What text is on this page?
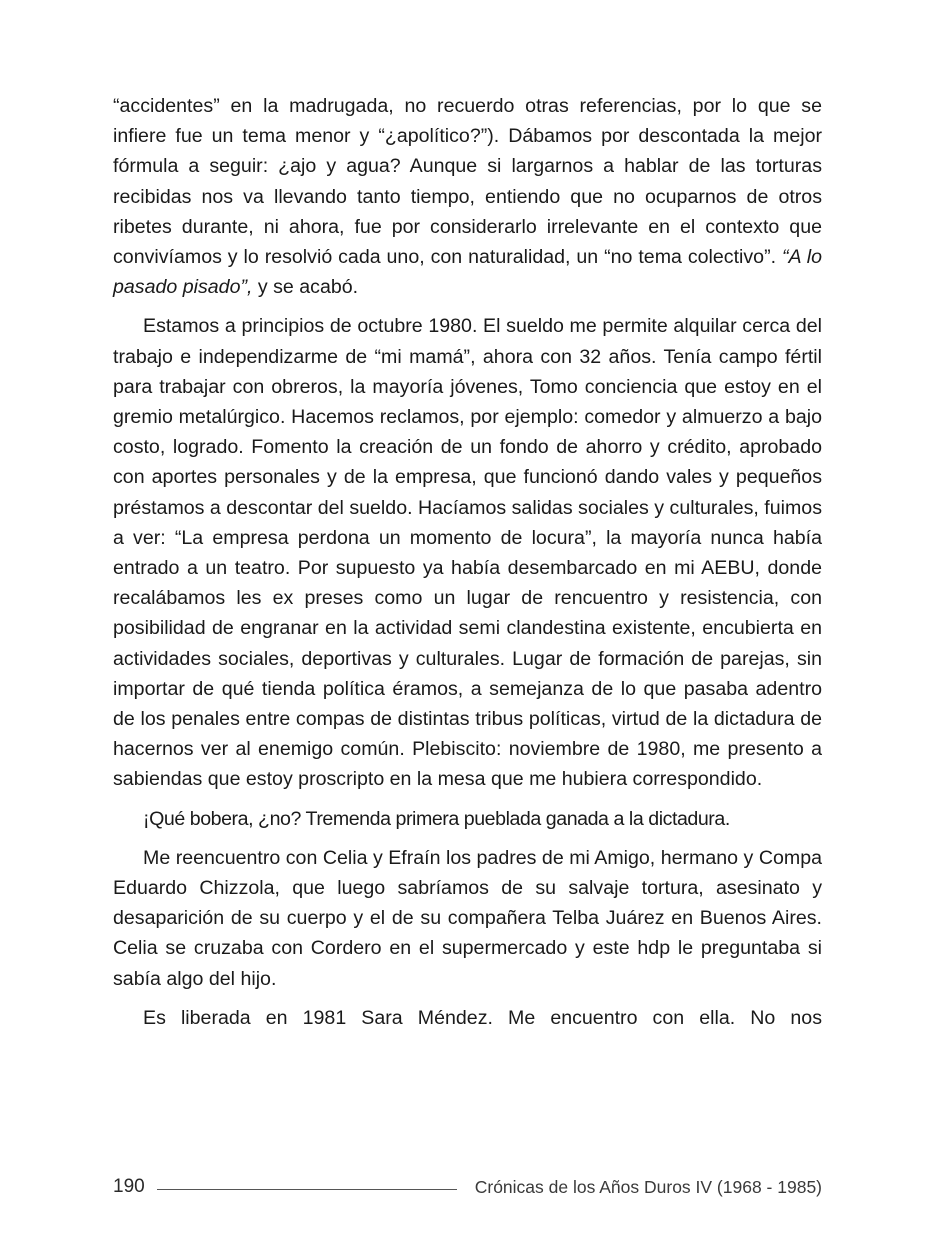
“accidentes” en la madrugada, no recuerdo otras referencias, por lo que se infiere fue un tema menor y “¿apolítico?”). Dábamos por descontada la mejor fórmula a seguir: ¿ajo y agua? Aunque si largarnos a hablar de las torturas recibidas nos va llevando tanto tiempo, entiendo que no ocuparnos de otros ribetes durante, ni ahora, fue por considerarlo irrelevante en el contexto que convivíamos y lo resolvió cada uno, con naturalidad, un “no tema colectivo”. “A lo pasado pisado”, y se acabó.

Estamos a principios de octubre 1980. El sueldo me permite alquilar cerca del trabajo e independizarme de “mi mamá”, ahora con 32 años. Tenía campo fértil para trabajar con obreros, la mayoría jóvenes, Tomo conciencia que estoy en el gremio metalúrgico. Hacemos reclamos, por ejemplo: comedor y almuerzo a bajo costo, logrado. Fomento la creación de un fondo de ahorro y crédito, aprobado con aportes personales y de la empresa, que funcionó dando vales y pequeños préstamos a descontar del sueldo. Hacíamos salidas sociales y culturales, fuimos a ver: “La empresa perdona un momento de locura”, la mayoría nunca había entrado a un teatro. Por supuesto ya había desembarcado en mi AEBU, donde recalábamos les ex preses como un lugar de rencuentro y resistencia, con posibilidad de engranar en la actividad semi clandestina existente, encubierta en actividades sociales, deportivas y culturales. Lugar de formación de parejas, sin importar de qué tienda política éramos, a semejanza de lo que pasaba adentro de los penales entre compas de distintas tribus políticas, virtud de la dictadura de hacernos ver al enemigo común. Plebiscito: noviembre de 1980, me presento a sabiendas que estoy proscripto en la mesa que me hubiera correspondido.

¡Qué bobera, ¿no? Tremenda primera pueblada ganada a la dictadura.

Me reencuentro con Celia y Efraín los padres de mi Amigo, hermano y Compa Eduardo Chizzola, que luego sabríamos de su salvaje tortura, asesinato y desaparición de su cuerpo y el de su compañera Telba Juárez en Buenos Aires. Celia se cruzaba con Cordero en el supermercado y este hdp le preguntaba si sabía algo del hijo.

Es liberada en 1981 Sara Méndez. Me encuentro con ella. No nos

190	Crónicas de los Años Duros IV (1968 - 1985)
